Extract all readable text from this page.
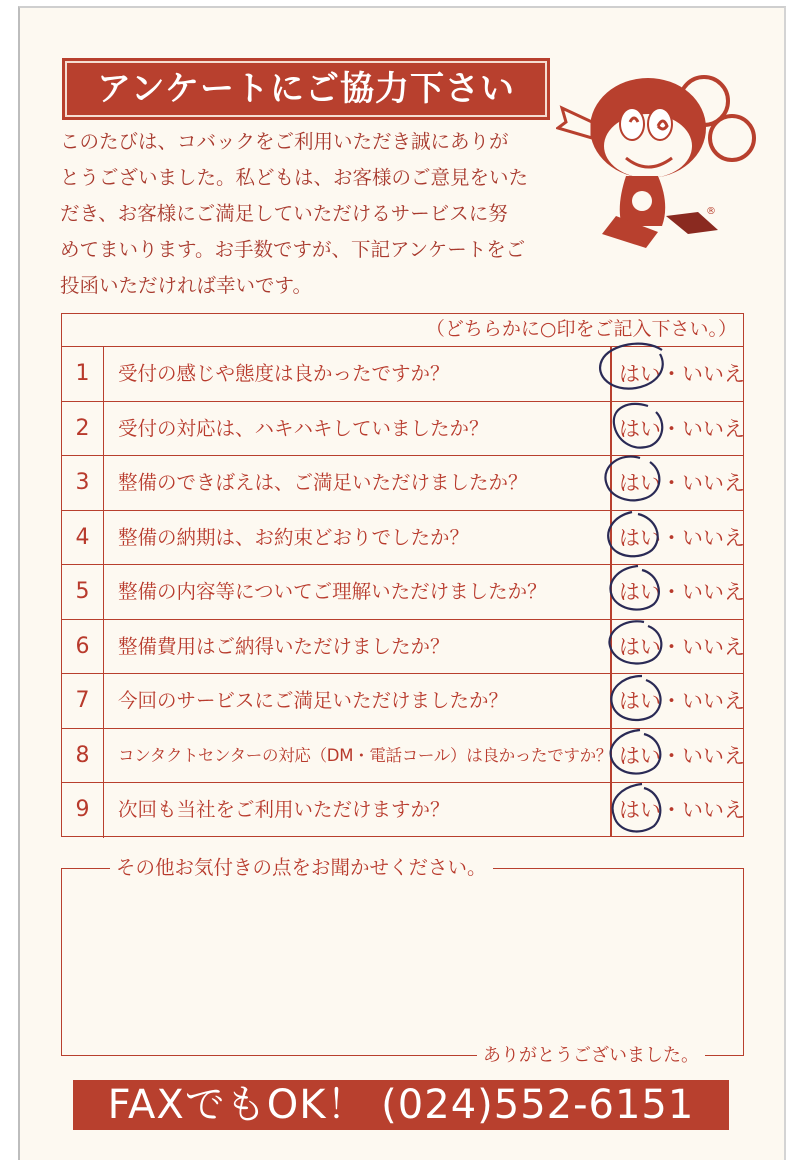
アンケートにご協力下さい
このたびは、コバックをご利用いただき誠にありが
とうございました。私どもは、お客様のご意見をいた
だき、お客様にご満足していただけるサービスに努
めてまいります。お手数ですが、下記アンケートをご
投函いただければ幸いです。
®
（どちらかに○印をご記入下さい。）
1	受付の感じや態度は良かったですか？	はい・いいえ
2	受付の対応は、ハキハキしていましたか？	はい・いいえ
3	整備のできばえは、ご満足いただけましたか？	はい・いいえ
4	整備の納期は、お約束どおりでしたか？	はい・いいえ
5	整備の内容等についてご理解いただけましたか？	はい・いいえ
6	整備費用はご納得いただけましたか？	はい・いいえ
7	今回のサービスにご満足いただけましたか？	はい・いいえ
8	コンタクトセンターの対応（DM・電話コール）は良かったですか？ はい・いいえ
9	次回も当社をご利用いただけますか？	はい・いいえ
その他お気付きの点をお聞かせください。
ありがとうございました。
FAXでもOK！ (024)552-6151
